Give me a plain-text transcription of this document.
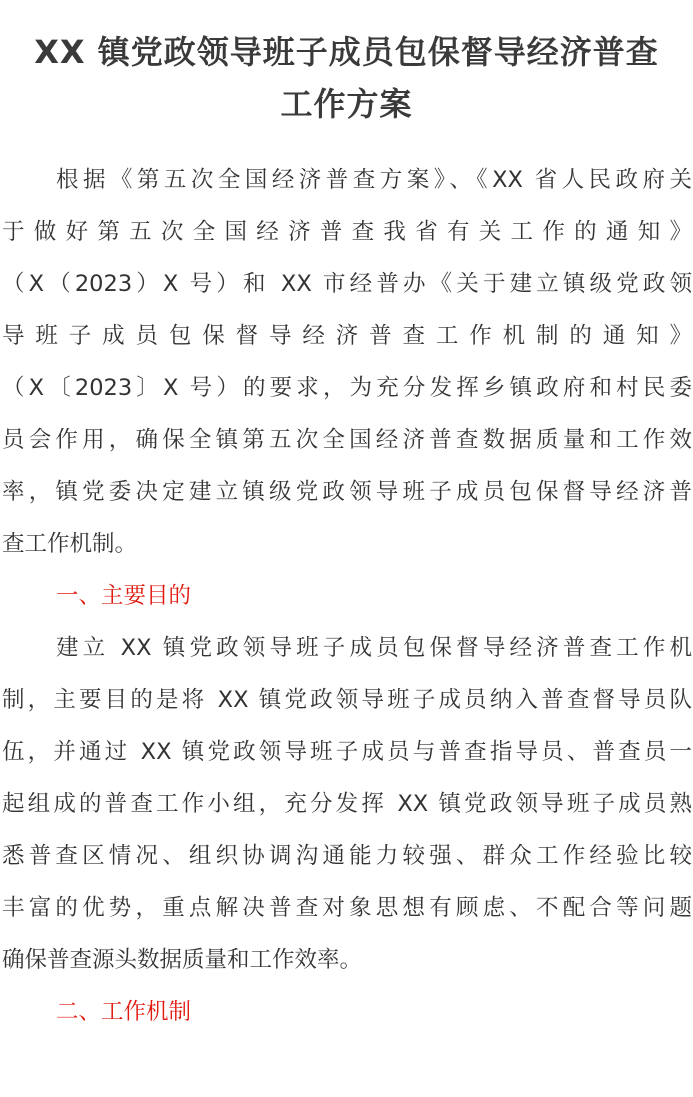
XX 镇党政领导班子成员包保督导经济普查
工作方案
根据《第五次全国经济普查方案》、《XX 省人民政府关
于做好第五次全国经济普查我省有关工作的通知》
（X（2023）X 号）和 XX 市经普办《关于建立镇级党政领
导班子成员包保督导经济普查工作机制的通知》
（X〔2023〕X 号）的要求，为充分发挥乡镇政府和村民委
员会作用，确保全镇第五次全国经济普查数据质量和工作效
率，镇党委决定建立镇级党政领导班子成员包保督导经济普
查工作机制。
一、主要目的
建立 XX 镇党政领导班子成员包保督导经济普查工作机
制，主要目的是将 XX 镇党政领导班子成员纳入普查督导员队
伍，并通过 XX 镇党政领导班子成员与普查指导员、普查员一
起组成的普查工作小组，充分发挥 XX 镇党政领导班子成员熟
悉普查区情况、组织协调沟通能力较强、群众工作经验比较
丰富的优势，重点解决普查对象思想有顾虑、不配合等问题
确保普查源头数据质量和工作效率。
二、工作机制
